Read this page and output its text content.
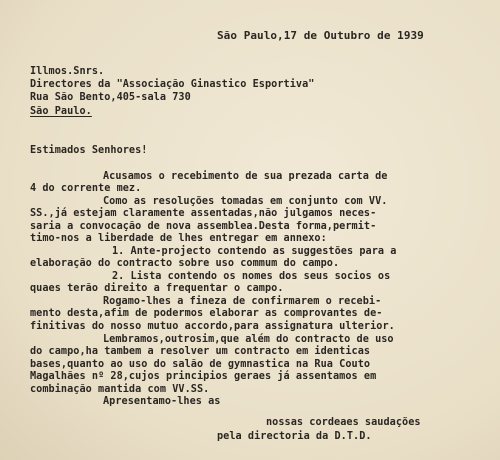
São Paulo,17 de Outubro de 1939
Illmos.Snrs.
Directores da "Associação Ginastico Esportiva"
Rua São Bento,405-sala 730
São Paulo.
Estimados Senhores!
Acusamos o recebimento de sua prezada carta de
4 do corrente mez.
Como as resoluções tomadas em conjunto com VV.
SS.,já estejam claramente assentadas,não julgamos neces-
saria a convocação de nova assemblea.Desta forma,permit-
timo-nos a liberdade de lhes entregar em annexo:
1. Ante-projecto contendo as suggestões para a
elaboração do contracto sobre uso commum do campo.
2. Lista contendo os nomes dos seus socios os
quaes terão direito a frequentar o campo.
Rogamo-lhes a fineza de confirmarem o recebi-
mento desta,afim de podermos elaborar as comprovantes de-
finitivas do nosso mutuo accordo,para assignatura ulterior.
Lembramos,outrosim,que além do contracto de uso
do campo,ha tambem a resolver um contracto em identicas
bases,quanto ao uso do salão de gymnastica na Rua Couto
Magalhães nº 28,cujos principios geraes já assentamos em
combinação mantida com VV.SS.
Apresentamo-lhes as
nossas cordeaes saudações
pela directoria da D.T.D.
